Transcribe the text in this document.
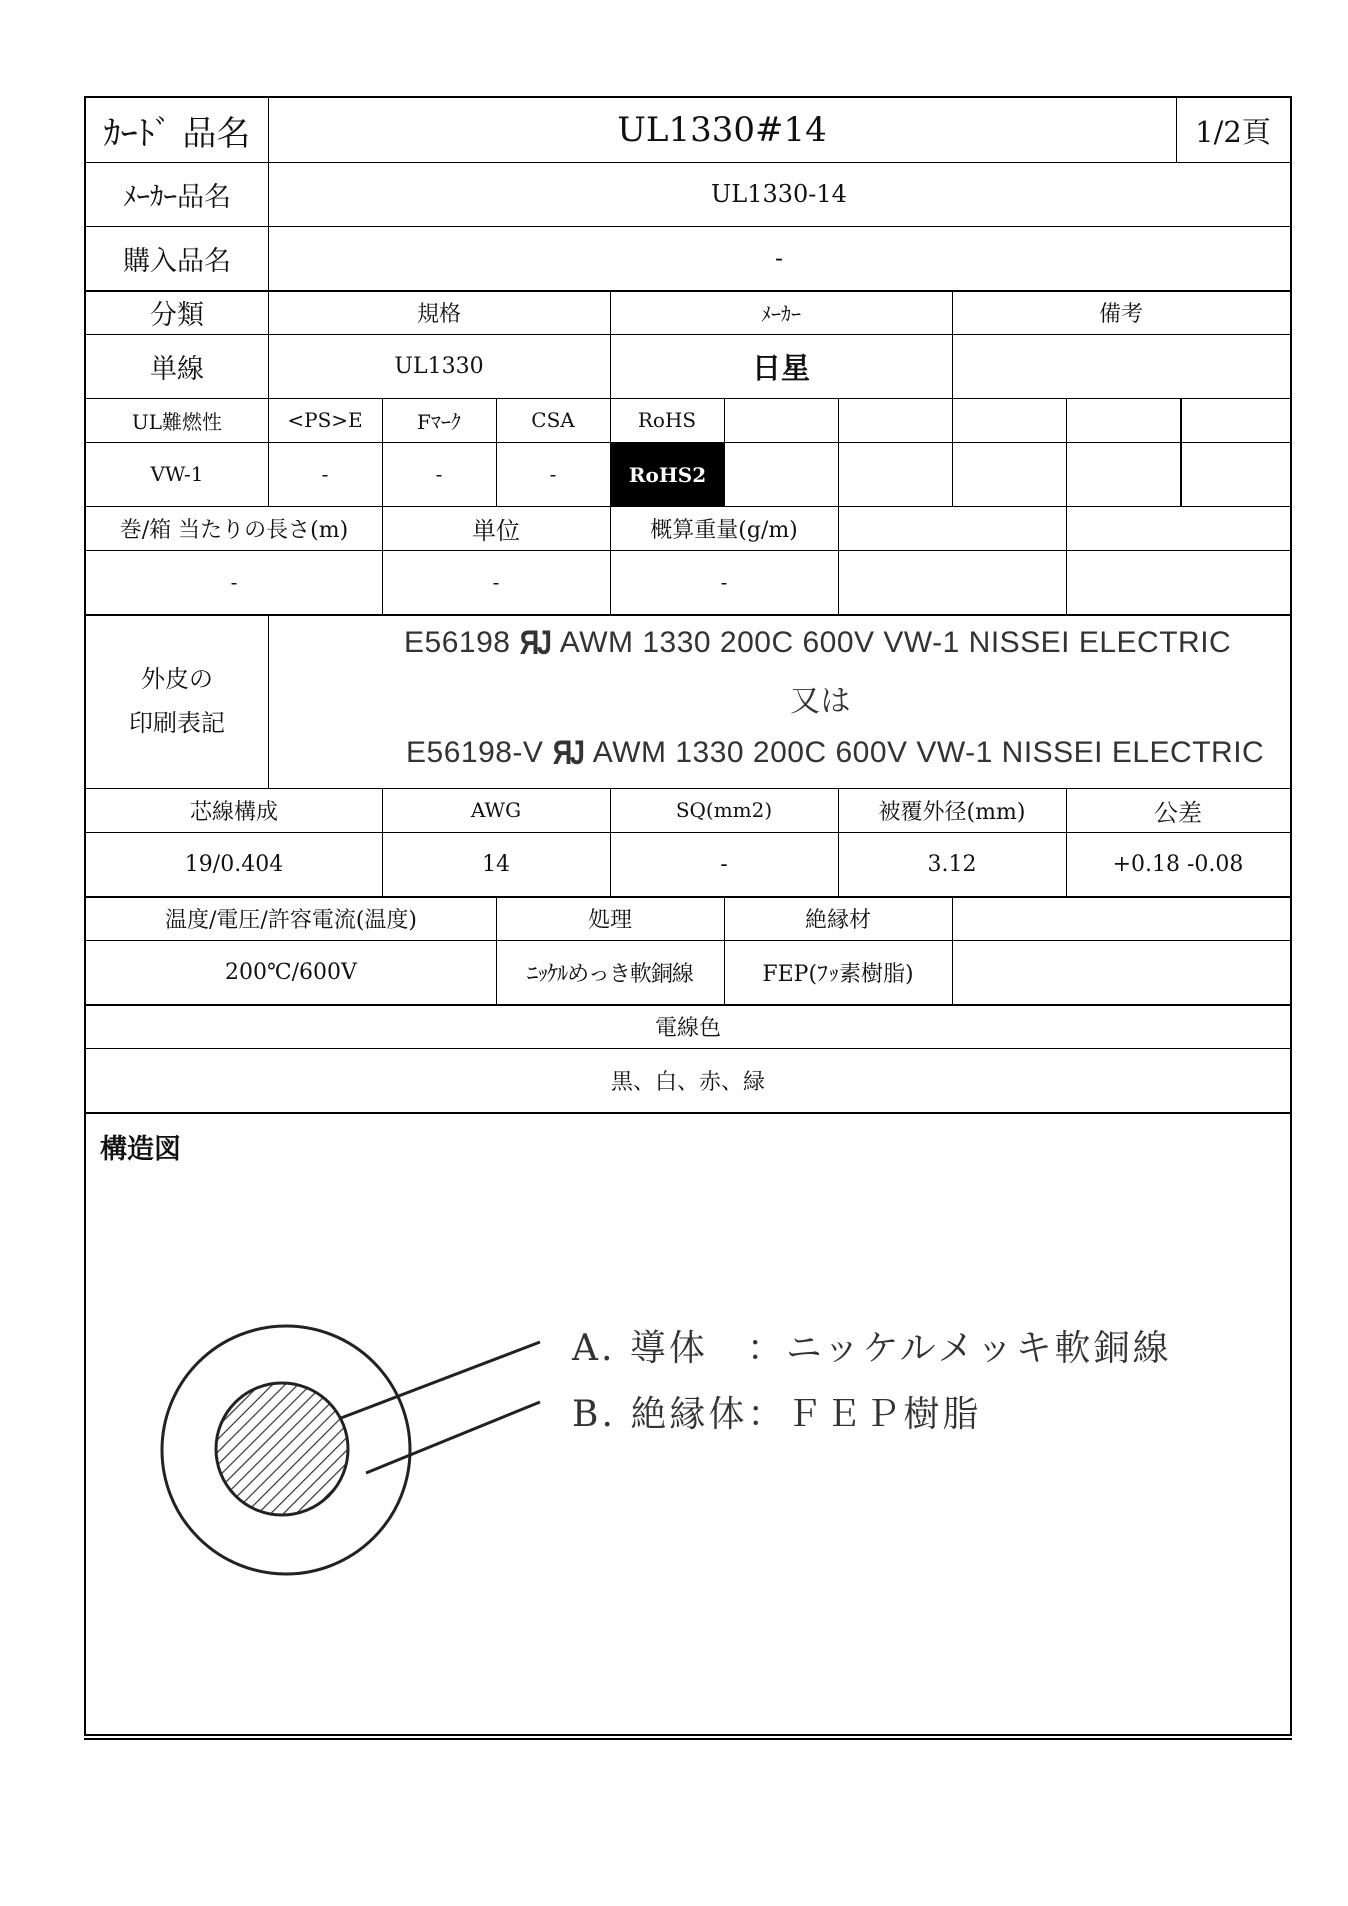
ｶｰﾄﾞ 品名	UL1330#14	1/2頁
ﾒｰｶｰ品名	UL1330-14
購入品名	-
分類	規格	ﾒｰｶｰ	備考
単線	UL1330	日星
UL難燃性	<PS>E	Fﾏｰｸ	CSA	RoHS
VW-1	-	-	-	RoHS2
巻/箱 当たりの長さ(m)	単位	概算重量(g/m)
-	-	-
外皮の
印刷表記
E56198 ЯJ AWM 1330 200C 600V VW-1 NISSEI ELECTRIC
又は
E56198-V ЯJ AWM 1330 200C 600V VW-1 NISSEI ELECTRIC
芯線構成	AWG	SQ(mm2)	被覆外径(mm)	公差
19/0.404	14	-	3.12	+0.18 -0.08
温度/電圧/許容電流(温度)	処理	絶縁材
200℃/600V	ﾆｯｹﾙめっき軟銅線	FEP(ﾌｯ素樹脂)
電線色
黒、白、赤、緑
構造図
A. 導体　：ニッケルメッキ軟銅線
B. 絶縁体：ＦＥＰ樹脂
